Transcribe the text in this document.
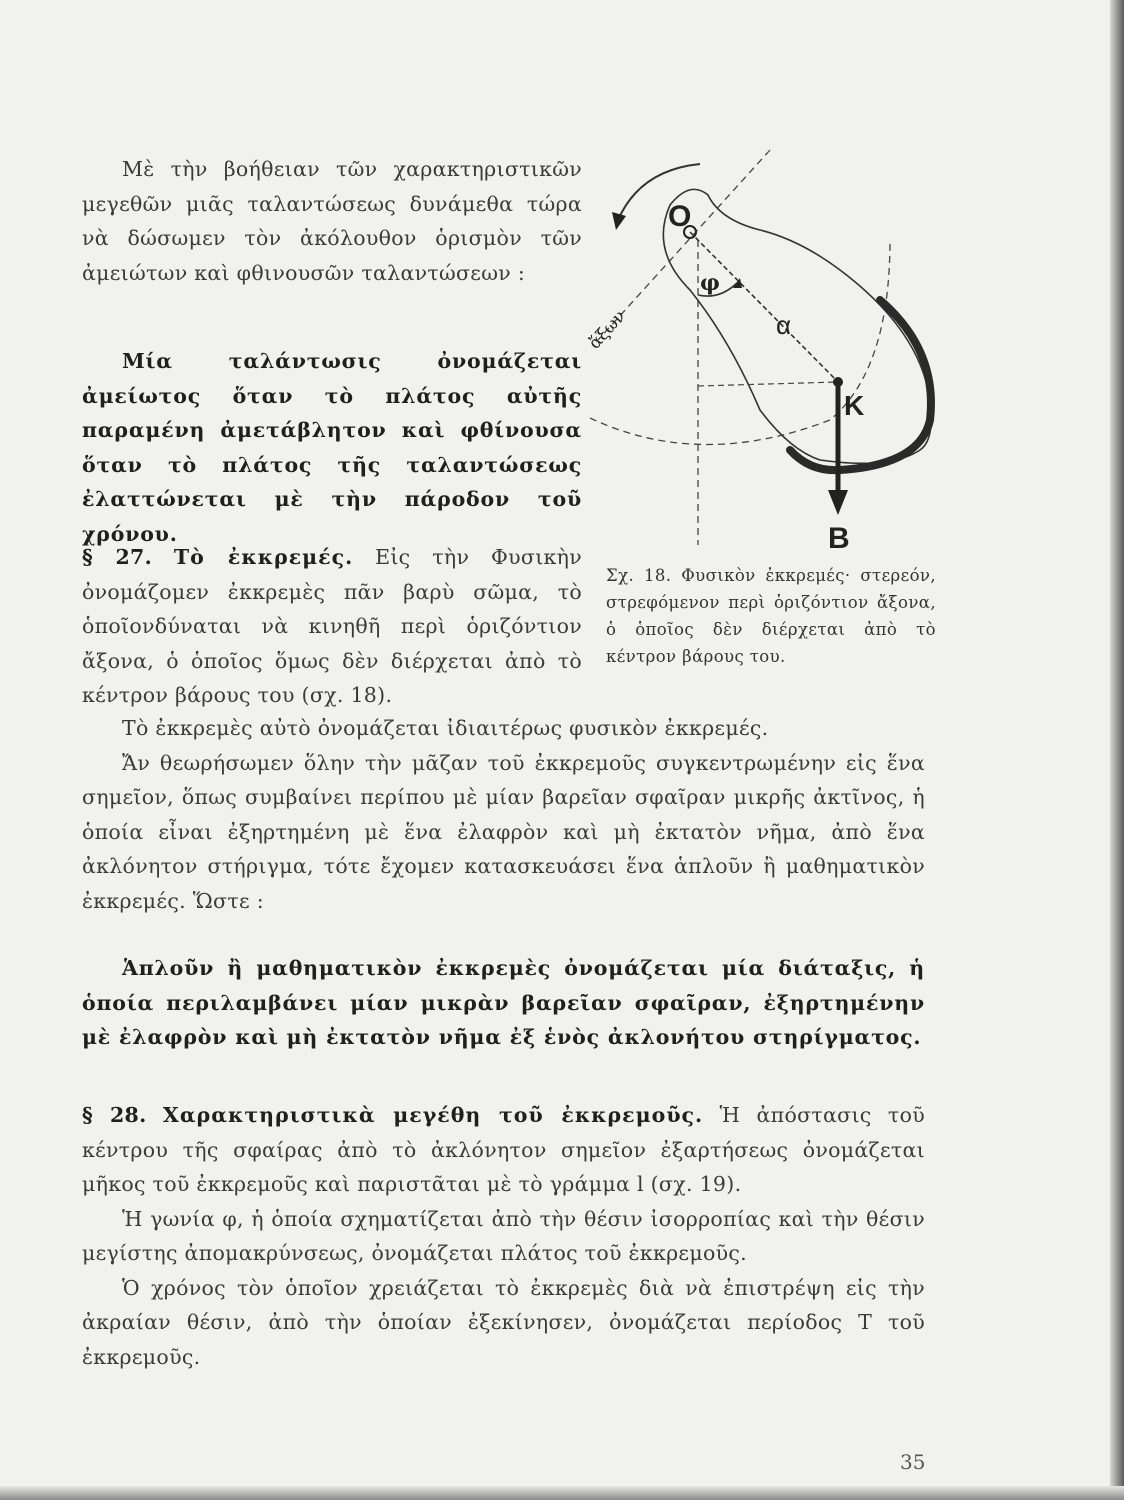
Μὲ τὴν βοήθειαν τῶν χαρακτηριστικῶν μεγεθῶν μιᾶς ταλαντώσεως δυνάμεθα τώρα νὰ δώσωμεν τὸν ἀκόλουθον ὁρισμὸν τῶν ἀμειώτων καὶ φθινουσῶν ταλαντώσεων :

Μία ταλάντωσις ὀνομάζεται ἀμείωτος ὅταν τὸ πλάτος αὐτῆς παραμένη ἀμετάβλητον καὶ φθίνουσα ὅταν τὸ πλάτος τῆς ταλαντώσεως ἐλαττώνεται μὲ τὴν πάροδον τοῦ χρόνου.

§ 27. Τὸ ἐκκρεμές. Εἰς τὴν Φυσικὴν ὀνομάζομεν ἐκκρεμὲς πᾶν βαρὺ σῶμα, τὸ ὁποῖονδύναται νὰ κινηθῆ περὶ ὁριζόντιον ἄξονα, ὁ ὁποῖος ὅμως δὲν διέρχεται ἀπὸ τὸ κέντρον βάρους του (σχ. 18).

O
φ
α
K
B
ἄξων

Σχ. 18. Φυσικὸν ἐκκρεμές· στερεόν, στρεφόμενον περὶ ὁριζόντιον ἄξονα, ὁ ὁποῖος δὲν διέρχεται ἀπὸ τὸ κέντρον βάρους του.

Τὸ ἐκκρεμὲς αὐτὸ ὀνομάζεται ἰδιαιτέρως φυσικὸν ἐκκρεμές.

Ἄν θεωρήσωμεν ὅλην τὴν μᾶζαν τοῦ ἐκκρεμοῦς συγκεντρωμένην εἰς ἕνα σημεῖον, ὅπως συμβαίνει περίπου μὲ μίαν βαρεῖαν σφαῖραν μικρῆς ἀκτῖνος, ἡ ὁποία εἶναι ἐξηρτημένη μὲ ἕνα ἐλαφρὸν καὶ μὴ ἐκτατὸν νῆμα, ἀπὸ ἕνα ἀκλόνητον στήριγμα, τότε ἔχομεν κατασκευάσει ἕνα ἁπλοῦν ἢ μαθηματικὸν ἐκκρεμές. Ὥστε :

Ἁπλοῦν ἢ μαθηματικὸν ἐκκρεμὲς ὀνομάζεται μία διάταξις, ἡ ὁποία περιλαμβάνει μίαν μικρὰν βαρεῖαν σφαῖραν, ἐξηρτημένην μὲ ἐλαφρὸν καὶ μὴ ἐκτατὸν νῆμα ἐξ ἑνὸς ἀκλονήτου στηρίγματος.

§ 28. Χαρακτηριστικὰ μεγέθη τοῦ ἐκκρεμοῦς. Ἡ ἀπόστασις τοῦ κέντρου τῆς σφαίρας ἀπὸ τὸ ἀκλόνητον σημεῖον ἐξαρτήσεως ὀνομάζεται μῆκος τοῦ ἐκκρεμοῦς καὶ παριστᾶται μὲ τὸ γράμμα l (σχ. 19).

Ἡ γωνία φ, ἡ ὁποία σχηματίζεται ἀπὸ τὴν θέσιν ἰσορροπίας καὶ τὴν θέσιν μεγίστης ἀπομακρύνσεως, ὀνομάζεται πλάτος τοῦ ἐκκρεμοῦς.

Ὁ χρόνος τὸν ὁποῖον χρειάζεται τὸ ἐκκρεμὲς διὰ νὰ ἐπιστρέψη εἰς τὴν ἀκραίαν θέσιν, ἀπὸ τὴν ὁποίαν ἐξεκίνησεν, ὀνομάζεται περίοδος T τοῦ ἐκκρεμοῦς.

35
